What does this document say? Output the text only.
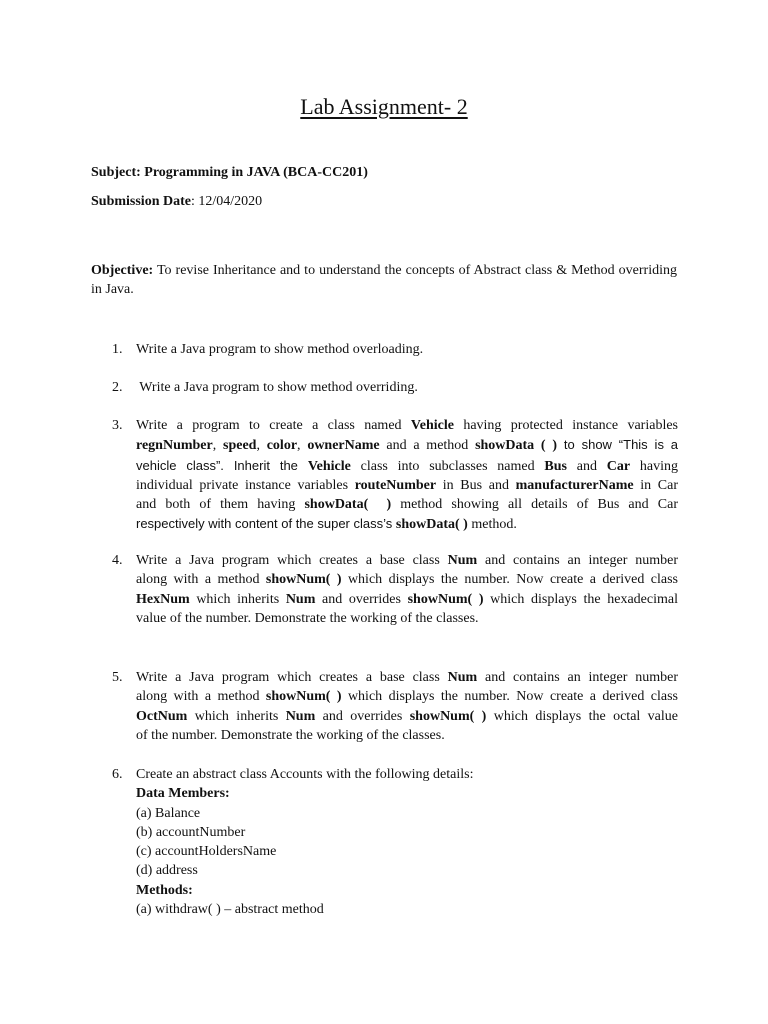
Lab Assignment- 2

Subject: Programming in JAVA (BCA-CC201)

Submission Date: 12/04/2020

Objective: To revise Inheritance and to understand the concepts of Abstract class & Method overriding in Java.

1. Write a Java program to show method overloading.
2. Write a Java program to show method overriding.
3. Write a program to create a class named Vehicle having protected instance variables
regnNumber, speed, color, ownerName and a method showData ( ) to show “This is a
vehicle class”. Inherit the Vehicle class into subclasses named Bus and Car having
individual private instance variables routeNumber in Bus and manufacturerName in Car
and both of them having showData(  ) method showing all details of Bus and Car
respectively with content of the super class’s showData( ) method.
4. Write a Java program which creates a base class Num and contains an integer number
along with a method showNum( ) which displays the number. Now create a derived class
HexNum which inherits Num and overrides showNum( ) which displays the hexadecimal
value of the number. Demonstrate the working of the classes.
5. Write a Java program which creates a base class Num and contains an integer number
along with a method showNum( ) which displays the number. Now create a derived class
OctNum which inherits Num and overrides showNum( ) which displays the octal value
of the number. Demonstrate the working of the classes.
6. Create an abstract class Accounts with the following details:
Data Members:
(a) Balance
(b) accountNumber
(c) accountHoldersName
(d) address
Methods:
(a) withdraw( ) – abstract method
